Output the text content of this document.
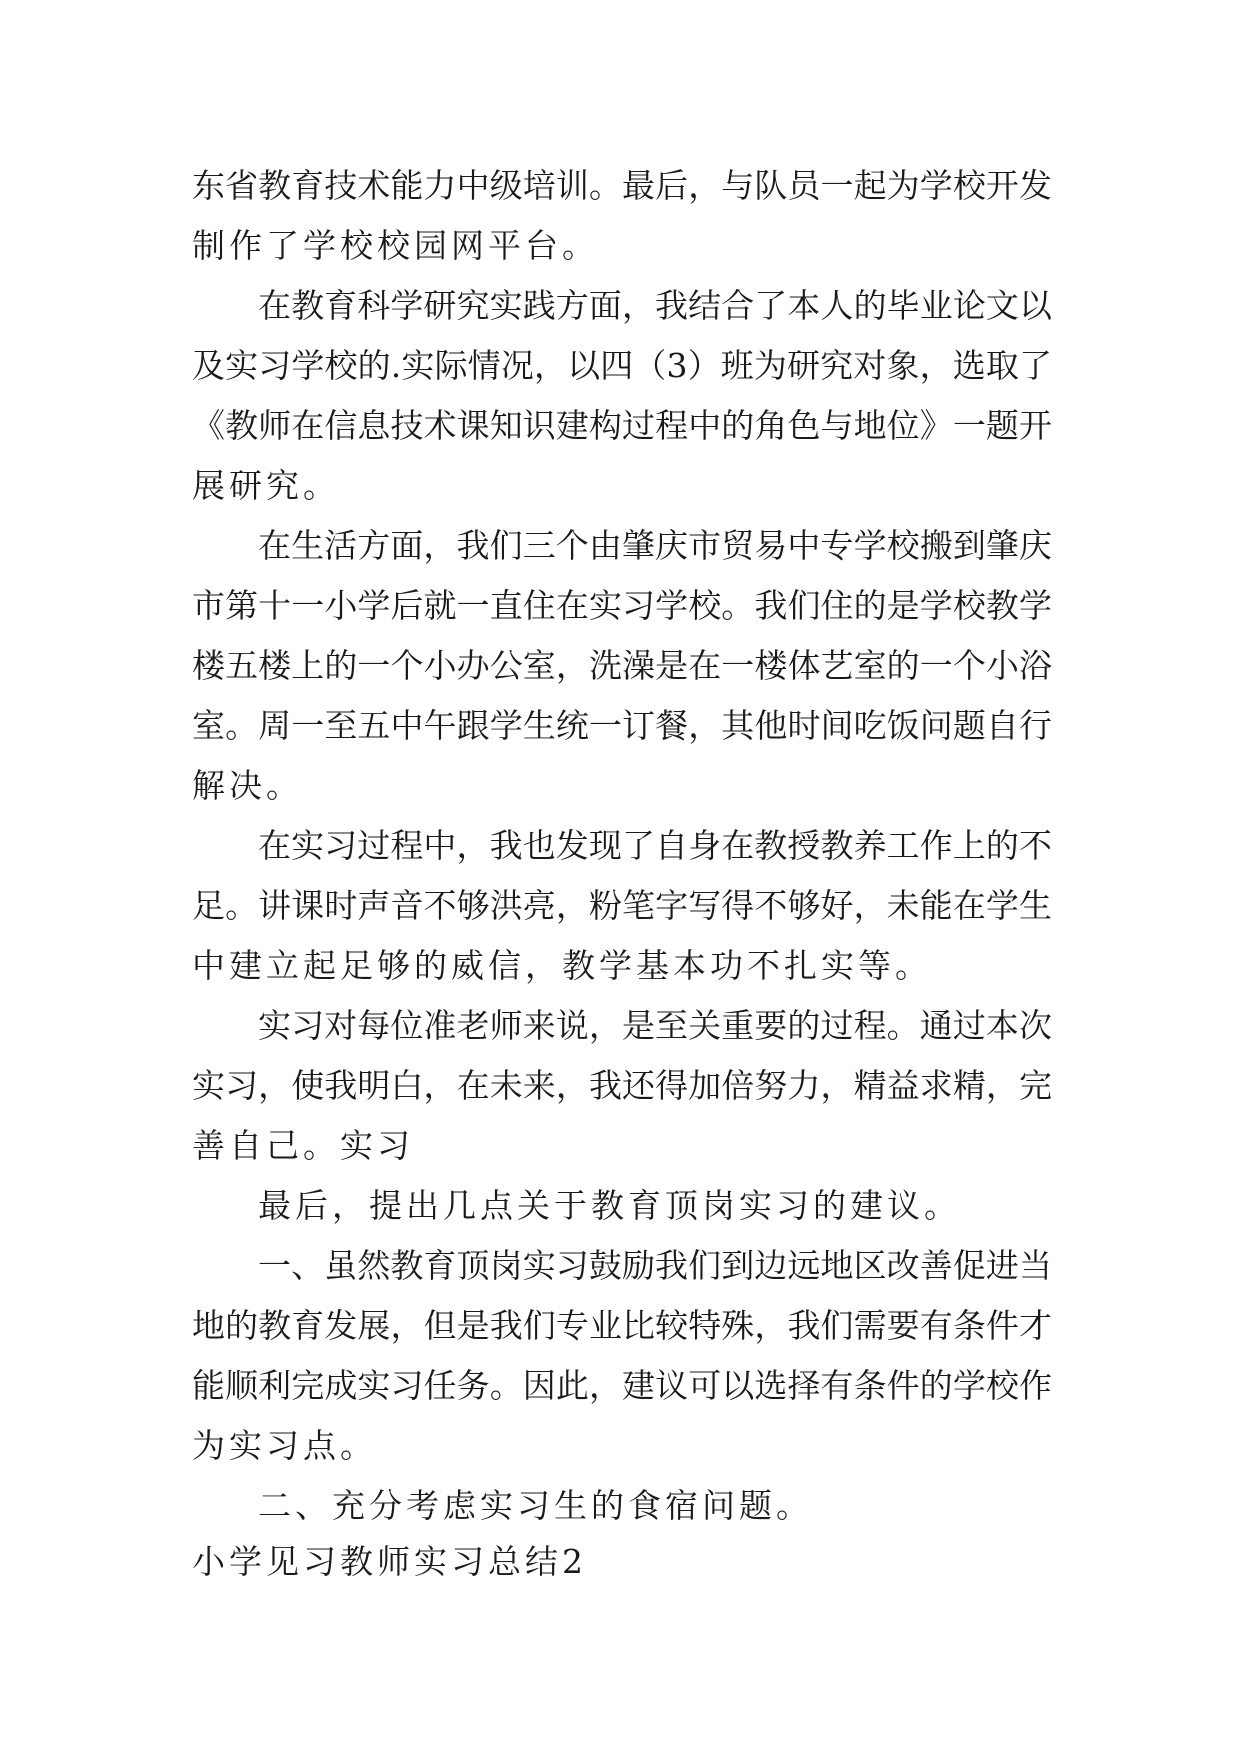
东省教育技术能力中级培训。最后，与队员一起为学校开发
制作了学校校园网平台。
在教育科学研究实践方面，我结合了本人的毕业论文以
及实习学校的.实际情况，以四（3）班为研究对象，选取了
《教师在信息技术课知识建构过程中的角色与地位》一题开
展研究。
在生活方面，我们三个由肇庆市贸易中专学校搬到肇庆
市第十一小学后就一直住在实习学校。我们住的是学校教学
楼五楼上的一个小办公室，洗澡是在一楼体艺室的一个小浴
室。周一至五中午跟学生统一订餐，其他时间吃饭问题自行
解决。
在实习过程中，我也发现了自身在教授教养工作上的不
足。讲课时声音不够洪亮，粉笔字写得不够好，未能在学生
中建立起足够的威信，教学基本功不扎实等。
实习对每位准老师来说，是至关重要的过程。通过本次
实习，使我明白，在未来，我还得加倍努力，精益求精，完
善自己。实习
最后，提出几点关于教育顶岗实习的建议。
一、虽然教育顶岗实习鼓励我们到边远地区改善促进当
地的教育发展，但是我们专业比较特殊，我们需要有条件才
能顺利完成实习任务。因此，建议可以选择有条件的学校作
为实习点。
二、充分考虑实习生的食宿问题。
小学见习教师实习总结2
